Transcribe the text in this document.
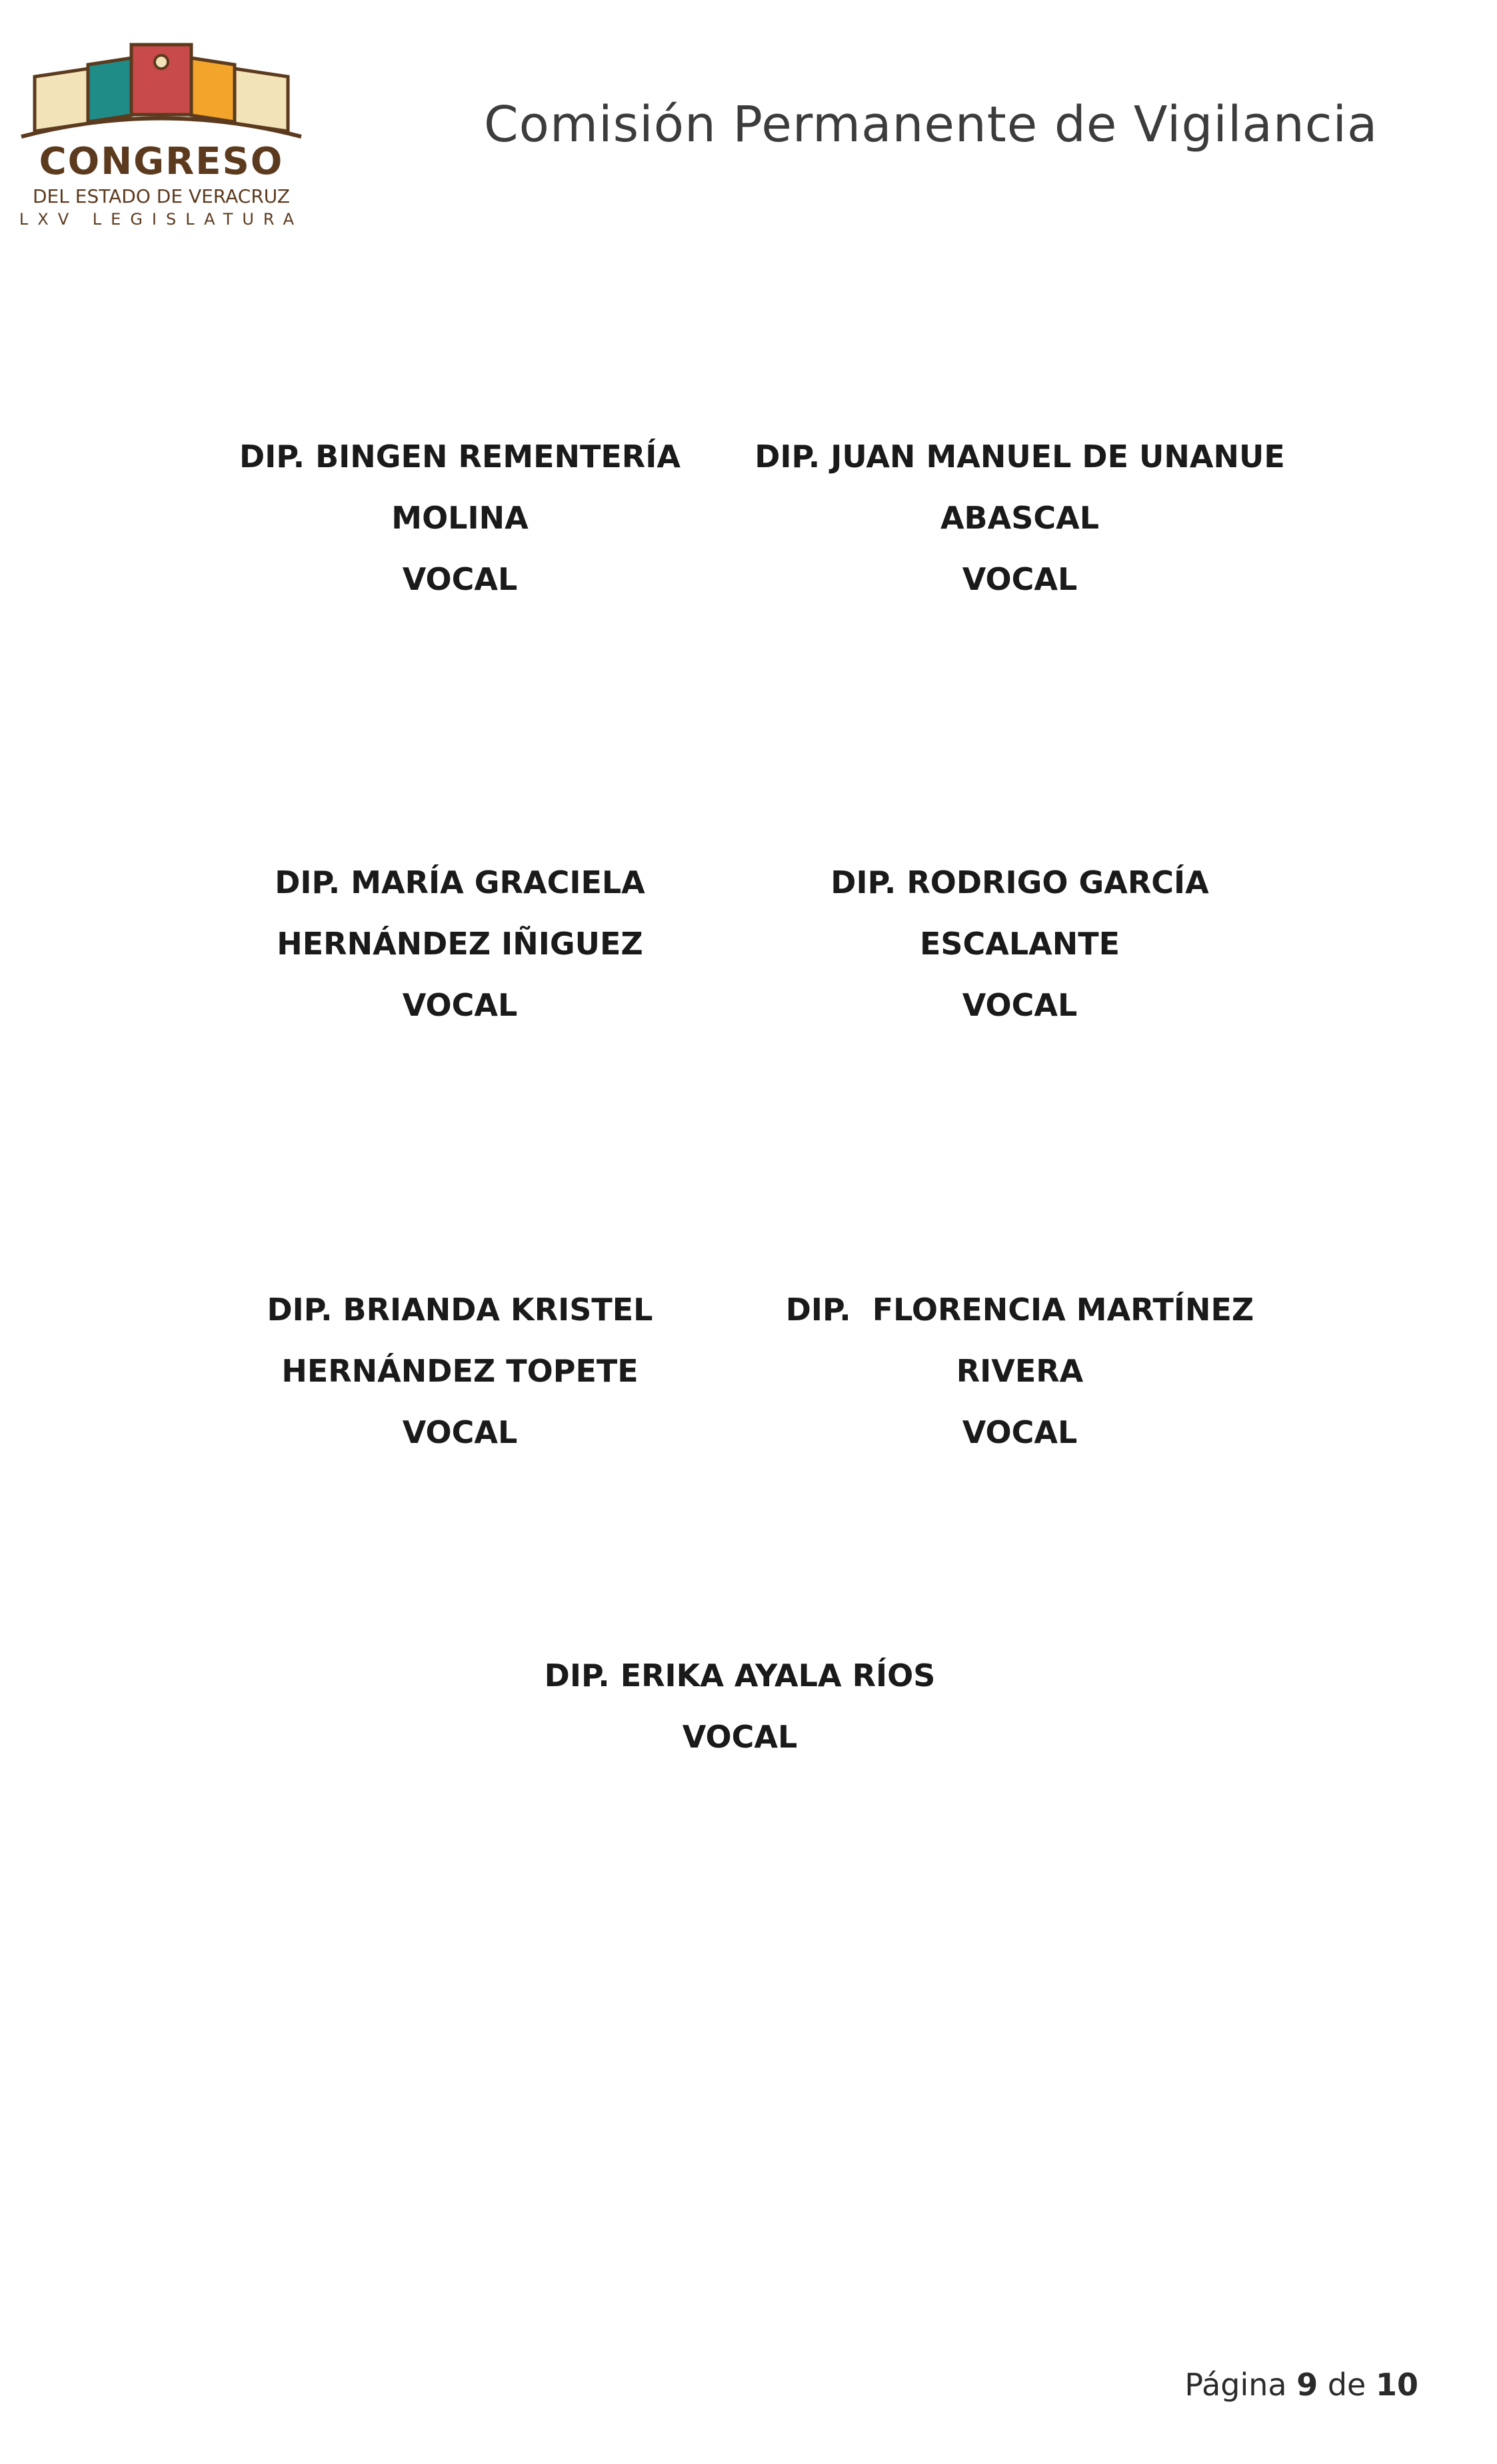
CONGRESO
DEL ESTADO DE VERACRUZ
LXV LEGISLATURA
Comisión Permanente de Vigilancia
DIP. BINGEN REMENTERÍA
MOLINA
VOCAL
DIP. JUAN MANUEL DE UNANUE
ABASCAL
VOCAL
DIP. MARÍA GRACIELA
HERNÁNDEZ IÑIGUEZ
VOCAL
DIP. RODRIGO GARCÍA
ESCALANTE
VOCAL
DIP. BRIANDA KRISTEL
HERNÁNDEZ TOPETE
VOCAL
DIP.  FLORENCIA MARTÍNEZ
RIVERA
VOCAL
DIP. ERIKA AYALA RÍOS
VOCAL
Página 9 de 10
